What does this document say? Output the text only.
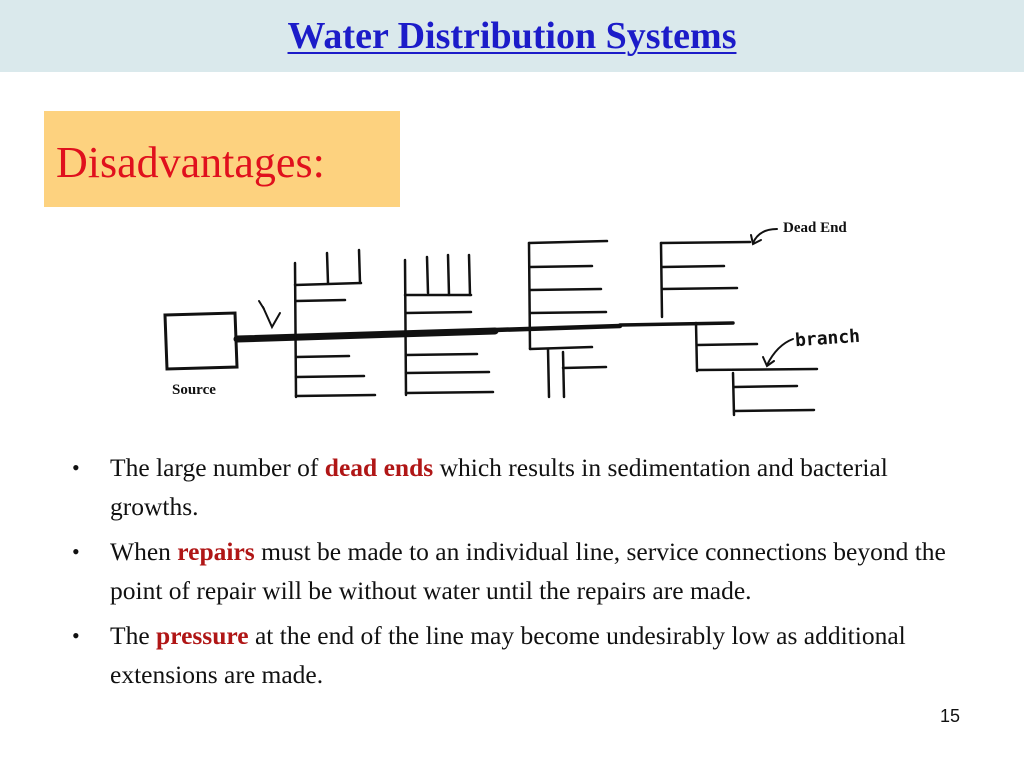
Water Distribution Systems
Disadvantages:
Dead End
Source
branch
• The large number of dead ends which results in sedimentation and bacterial growths.
• When repairs must be made to an individual line, service connections beyond the point of repair will be without water until the repairs are made.
• The pressure at the end of the line may become undesirably low as additional extensions are made.
15
